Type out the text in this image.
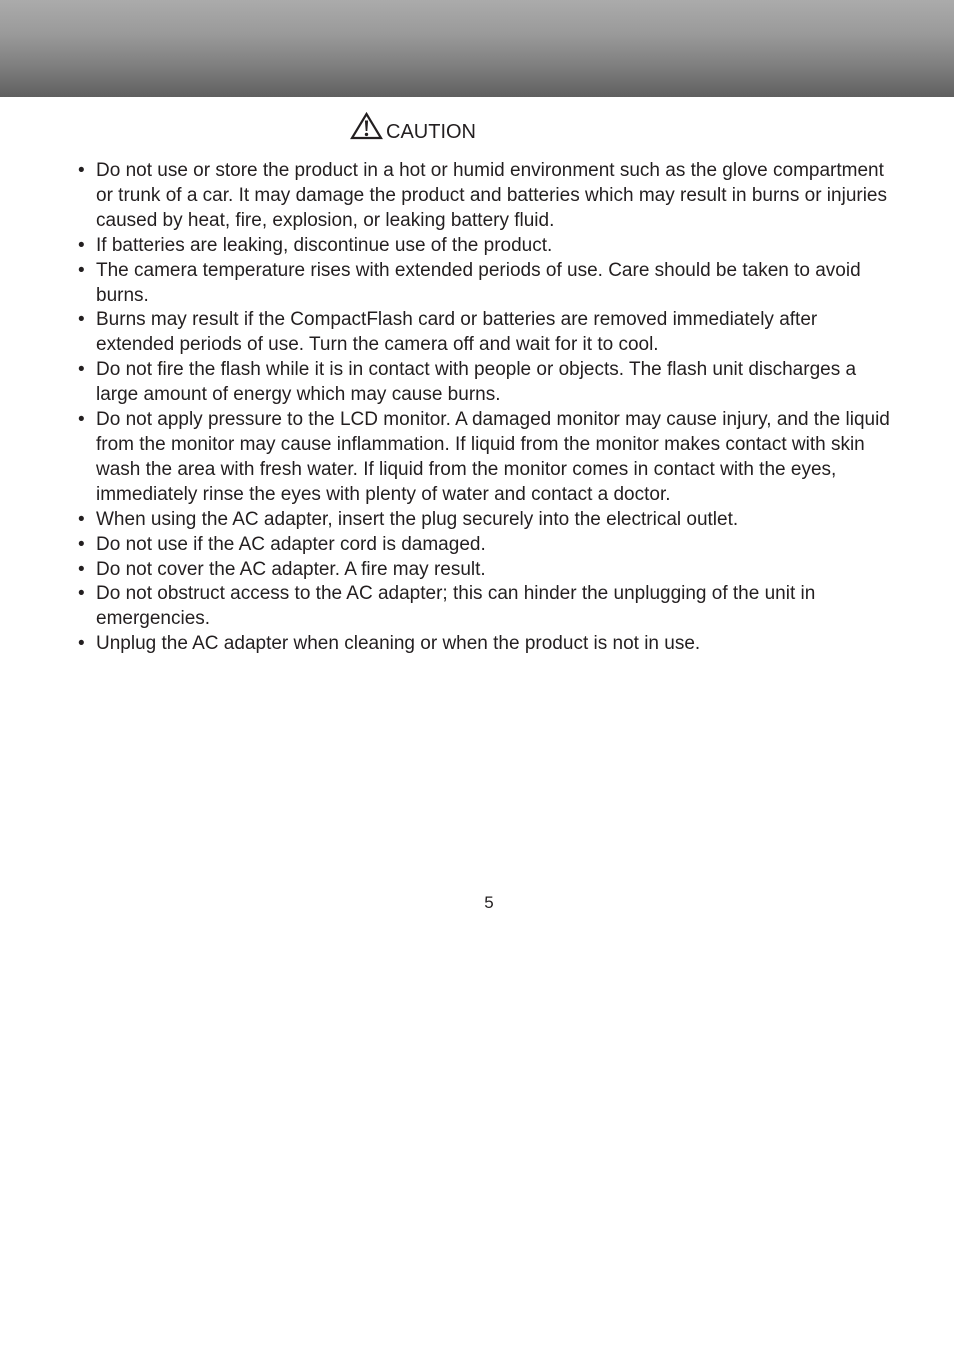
CAUTION
• Do not use or store the product in a hot or humid environment such as the glove compartment or trunk of a car. It may damage the product and batteries which may result in burns or injuries caused by heat, fire, explosion, or leaking battery fluid.
• If batteries are leaking, discontinue use of the product.
• The camera temperature rises with extended periods of use. Care should be taken to avoid burns.
• Burns may result if the CompactFlash card or batteries are removed immediately after extended periods of use. Turn the camera off and wait for it to cool.
• Do not fire the flash while it is in contact with people or objects. The flash unit discharges a large amount of energy which may cause burns.
• Do not apply pressure to the LCD monitor. A damaged monitor may cause injury, and the liquid from the monitor may cause inflammation. If liquid from the monitor makes contact with skin wash the area with fresh water. If liquid from the monitor comes in contact with the eyes, immediately rinse the eyes with plenty of water and contact a doctor.
• When using the AC adapter, insert the plug securely into the electrical outlet.
• Do not use if the AC adapter cord is damaged.
• Do not cover the AC adapter. A fire may result.
• Do not obstruct access to the AC adapter; this can hinder the unplugging of the unit in emergencies.
• Unplug the AC adapter when cleaning or when the product is not in use.
5
